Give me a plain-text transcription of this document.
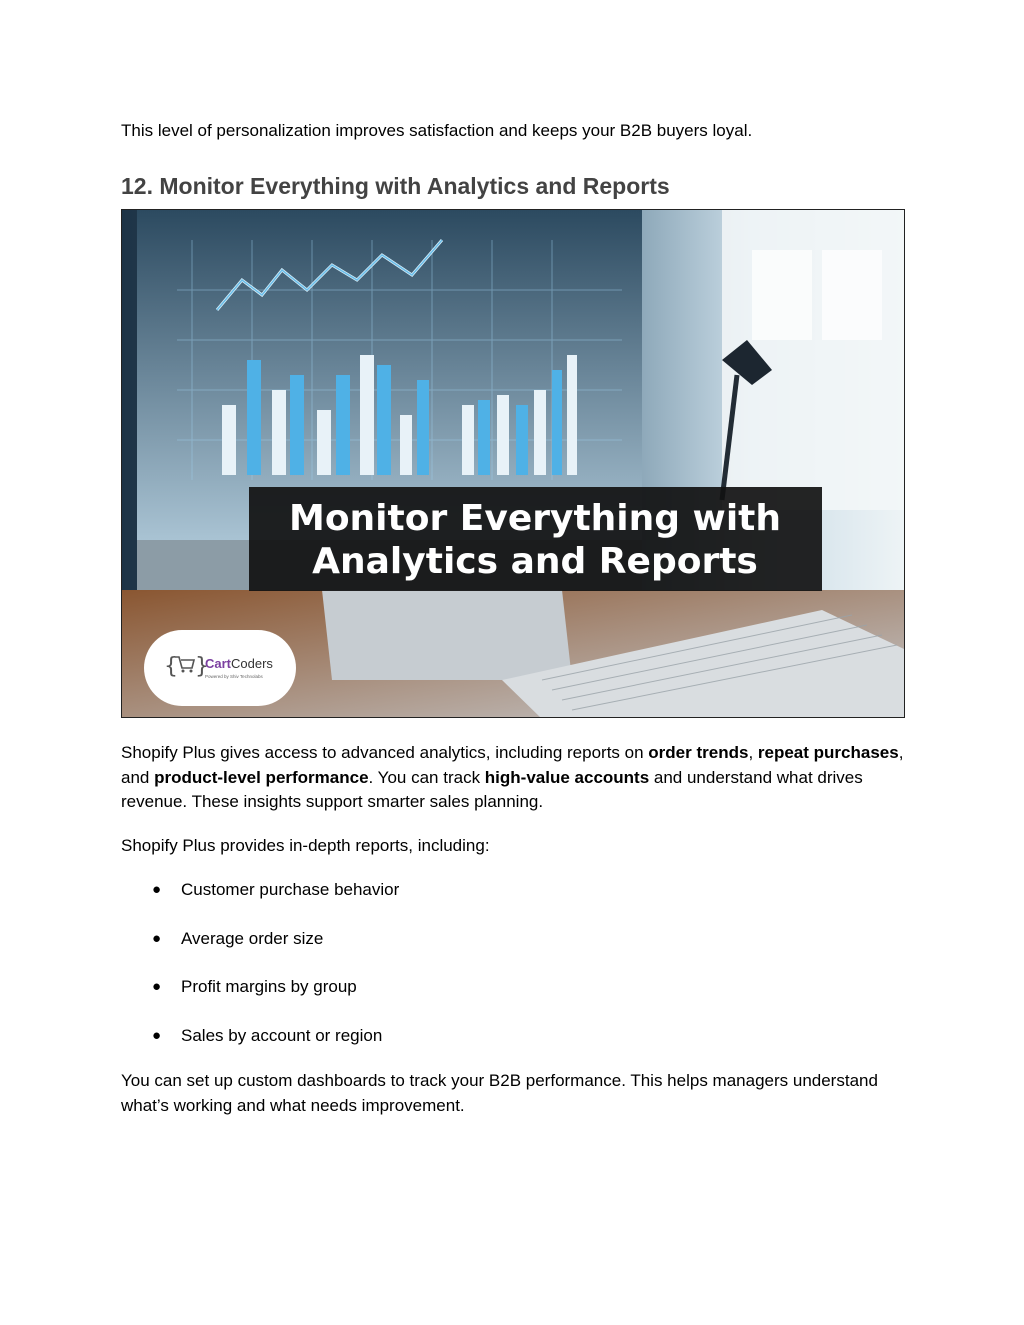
This level of personalization improves satisfaction and keeps your B2B buyers loyal.

12. Monitor Everything with Analytics and Reports
Monitor Everything with
Analytics and Reports
{ }
CartCoders
Powered by Shiv Technolabs

Shopify Plus gives access to advanced analytics, including reports on order trends, repeat purchases, and product-level performance. You can track high-value accounts and understand what drives revenue. These insights support smarter sales planning.

Shopify Plus provides in-depth reports, including:

● Customer purchase behavior
● Average order size
● Profit margins by group
● Sales by account or region

You can set up custom dashboards to track your B2B performance. This helps managers understand what’s working and what needs improvement.
